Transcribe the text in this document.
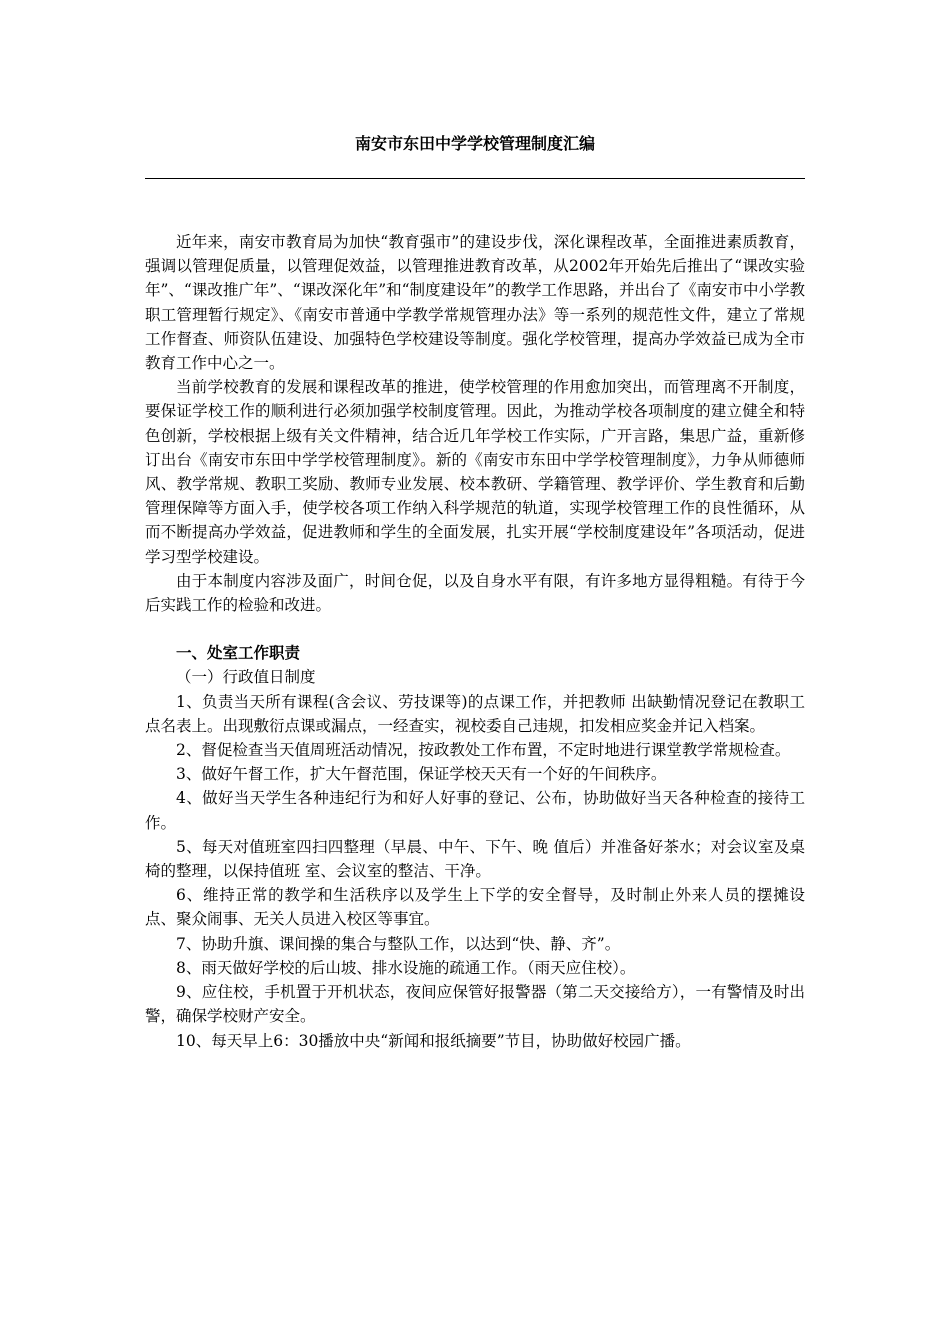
南安市东田中学学校管理制度汇编

近年来，南安市教育局为加快“教育强市”的建设步伐，深化课程改革，全面推进素质教育，强调以管理促质量，以管理促效益，以管理推进教育改革，从2002年开始先后推出了“课改实验年”、“课改推广年”、“课改深化年”和“制度建设年”的教学工作思路，并出台了《南安市中小学教职工管理暂行规定》、《南安市普通中学教学常规管理办法》等一系列的规范性文件，建立了常规工作督查、师资队伍建设、加强特色学校建设等制度。强化学校管理，提高办学效益已成为全市教育工作中心之一。

当前学校教育的发展和课程改革的推进，使学校管理的作用愈加突出，而管理离不开制度，要保证学校工作的顺利进行必须加强学校制度管理。因此，为推动学校各项制度的建立健全和特色创新，学校根据上级有关文件精神，结合近几年学校工作实际，广开言路，集思广益，重新修订出台《南安市东田中学学校管理制度》。新的《南安市东田中学学校管理制度》，力争从师德师风、教学常规、教职工奖励、教师专业发展、校本教研、学籍管理、教学评价、学生教育和后勤管理保障等方面入手，使学校各项工作纳入科学规范的轨道，实现学校管理工作的良性循环，从而不断提高办学效益，促进教师和学生的全面发展，扎实开展“学校制度建设年”各项活动，促进学习型学校建设。

由于本制度内容涉及面广，时间仓促，以及自身水平有限，有许多地方显得粗糙。有待于今后实践工作的检验和改进。

一、处室工作职责

（一）行政值日制度

1、负责当天所有课程(含会议、劳技课等)的点课工作，并把教师 出缺勤情况登记在教职工点名表上。出现敷衍点课或漏点，一经查实，视校委自己违规，扣发相应奖金并记入档案。

2、督促检查当天值周班活动情况，按政教处工作布置，不定时地进行课堂教学常规检查。

3、做好午督工作，扩大午督范围，保证学校天天有一个好的午间秩序。

4、做好当天学生各种违纪行为和好人好事的登记、公布，协助做好当天各种检查的接待工作。

5、每天对值班室四扫四整理（早晨、中午、下午、晚 值后）并准备好茶水；对会议室及桌椅的整理，以保持值班 室、会议室的整洁、干净。

6、维持正常的教学和生活秩序以及学生上下学的安全督导，及时制止外来人员的摆摊设点、聚众闹事、无关人员进入校区等事宜。

7、协助升旗、课间操的集合与整队工作，以达到“快、静、齐”。

8、雨天做好学校的后山坡、排水设施的疏通工作。（雨天应住校）。

9、应住校，手机置于开机状态，夜间应保管好报警器（第二天交接给方），一有警情及时出警，确保学校财产安全。

10、每天早上6：30播放中央“新闻和报纸摘要”节目，协助做好校园广播。
